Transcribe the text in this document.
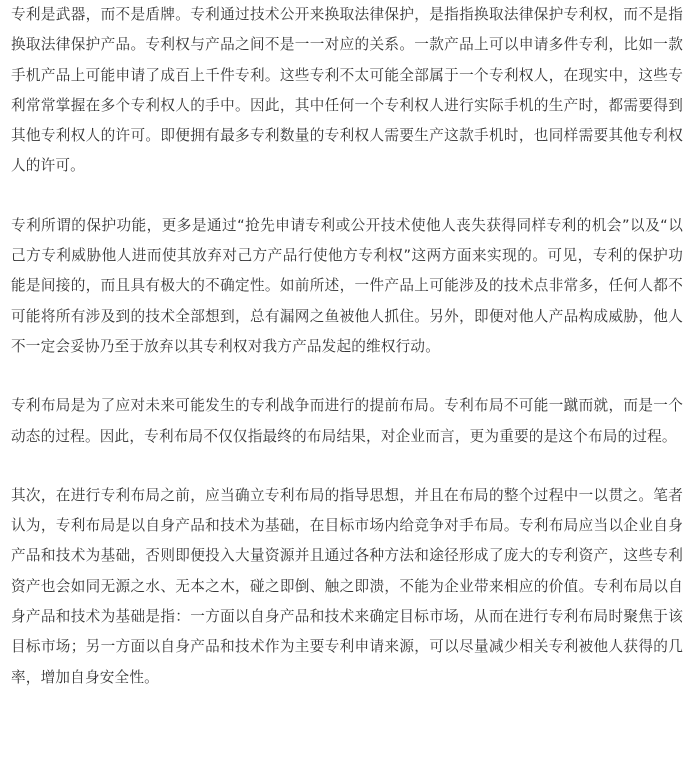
专利是武器，而不是盾牌。专利通过技术公开来换取法律保护，是指指换取法律保护专利权，而不是指换取法律保护产品。专利权与产品之间不是一一对应的关系。一款产品上可以申请多件专利，比如一款手机产品上可能申请了成百上千件专利。这些专利不太可能全部属于一个专利权人，在现实中，这些专利常常掌握在多个专利权人的手中。因此，其中任何一个专利权人进行实际手机的生产时，都需要得到其他专利权人的许可。即便拥有最多专利数量的专利权人需要生产这款手机时，也同样需要其他专利权人的许可。

专利所谓的保护功能，更多是通过“抢先申请专利或公开技术使他人丧失获得同样专利的机会”以及“以己方专利威胁他人进而使其放弃对己方产品行使他方专利权”这两方面来实现的。可见，专利的保护功能是间接的，而且具有极大的不确定性。如前所述，一件产品上可能涉及的技术点非常多，任何人都不可能将所有涉及到的技术全部想到，总有漏网之鱼被他人抓住。另外，即便对他人产品构成威胁，他人不一定会妥协乃至于放弃以其专利权对我方产品发起的维权行动。

专利布局是为了应对未来可能发生的专利战争而进行的提前布局。专利布局不可能一蹴而就，而是一个动态的过程。因此，专利布局不仅仅指最终的布局结果，对企业而言，更为重要的是这个布局的过程。

其次，在进行专利布局之前，应当确立专利布局的指导思想，并且在布局的整个过程中一以贯之。笔者认为，专利布局是以自身产品和技术为基础，在目标市场内给竞争对手布局。专利布局应当以企业自身产品和技术为基础，否则即便投入大量资源并且通过各种方法和途径形成了庞大的专利资产，这些专利资产也会如同无源之水、无本之木，碰之即倒、触之即溃，不能为企业带来相应的价值。专利布局以自身产品和技术为基础是指：一方面以自身产品和技术来确定目标市场，从而在进行专利布局时聚焦于该目标市场；另一方面以自身产品和技术作为主要专利申请来源，可以尽量减少相关专利被他人获得的几率，增加自身安全性。
